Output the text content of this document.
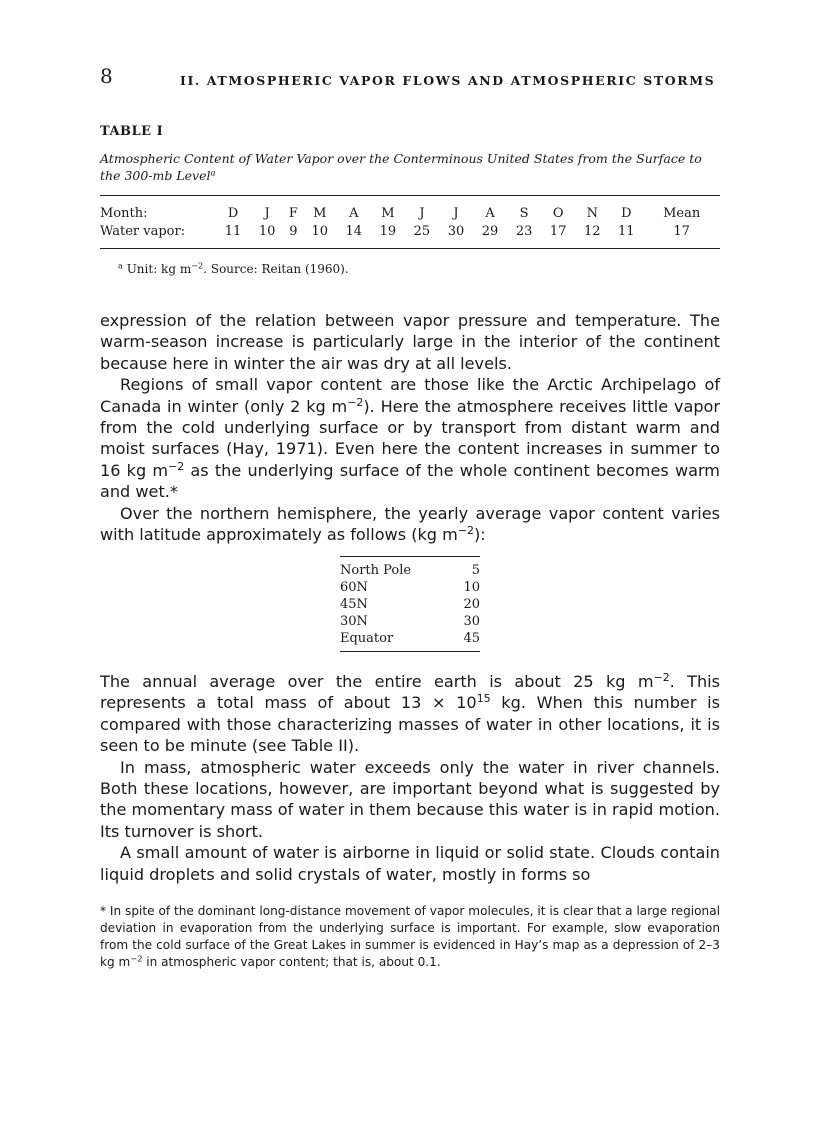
8	II. ATMOSPHERIC VAPOR FLOWS AND ATMOSPHERIC STORMS
TABLE I
Atmospheric Content of Water Vapor over the Conterminous United States from the Surface to the 300-mb Level$^a$
Month:	D	J	F	M	A	M	J	J	A	S	O	N	D	Mean
Water vapor:	11	10	9	10	14	19	25	30	29	23	17	12	11	17
$^a$ Unit: kg $m^{-2}$. Source: Reitan (1960).

expression of the relation between vapor pressure and temperature. The warm-season increase is particularly large in the interior of the continent because here in winter the air was dry at all levels.

Regions of small vapor content are those like the Arctic Archipelago of Canada in winter (only 2 kg $m^{-2}$). Here the atmosphere receives little vapor from the cold underlying surface or by transport from distant warm and moist surfaces (Hay, 1971). Even here the content increases in summer to 16 kg $m^{-2}$ as the underlying surface of the whole continent becomes warm and wet.*

Over the northern hemisphere, the yearly average vapor content varies with latitude approximately as follows (kg $m^{-2}$):

North Pole	5
60N	10
45N	20
30N	30
Equator	45

The annual average over the entire earth is about 25 kg $m^{-2}$. This represents a total mass of about $13 \times 10^{15}$ kg. When this number is compared with those characterizing masses of water in other locations, it is seen to be minute (see Table II).

In mass, atmospheric water exceeds only the water in river channels. Both these locations, however, are important beyond what is suggested by the momentary mass of water in them because this water is in rapid motion. Its turnover is short.

A small amount of water is airborne in liquid or solid state. Clouds contain liquid droplets and solid crystals of water, mostly in forms so

* In spite of the dominant long-distance movement of vapor molecules, it is clear that a large regional deviation in evaporation from the underlying surface is important. For example, slow evaporation from the cold surface of the Great Lakes in summer is evidenced in Hay’s map as a depression of 2–3 kg $m^{-2}$ in atmospheric vapor content; that is, about 0.1.
